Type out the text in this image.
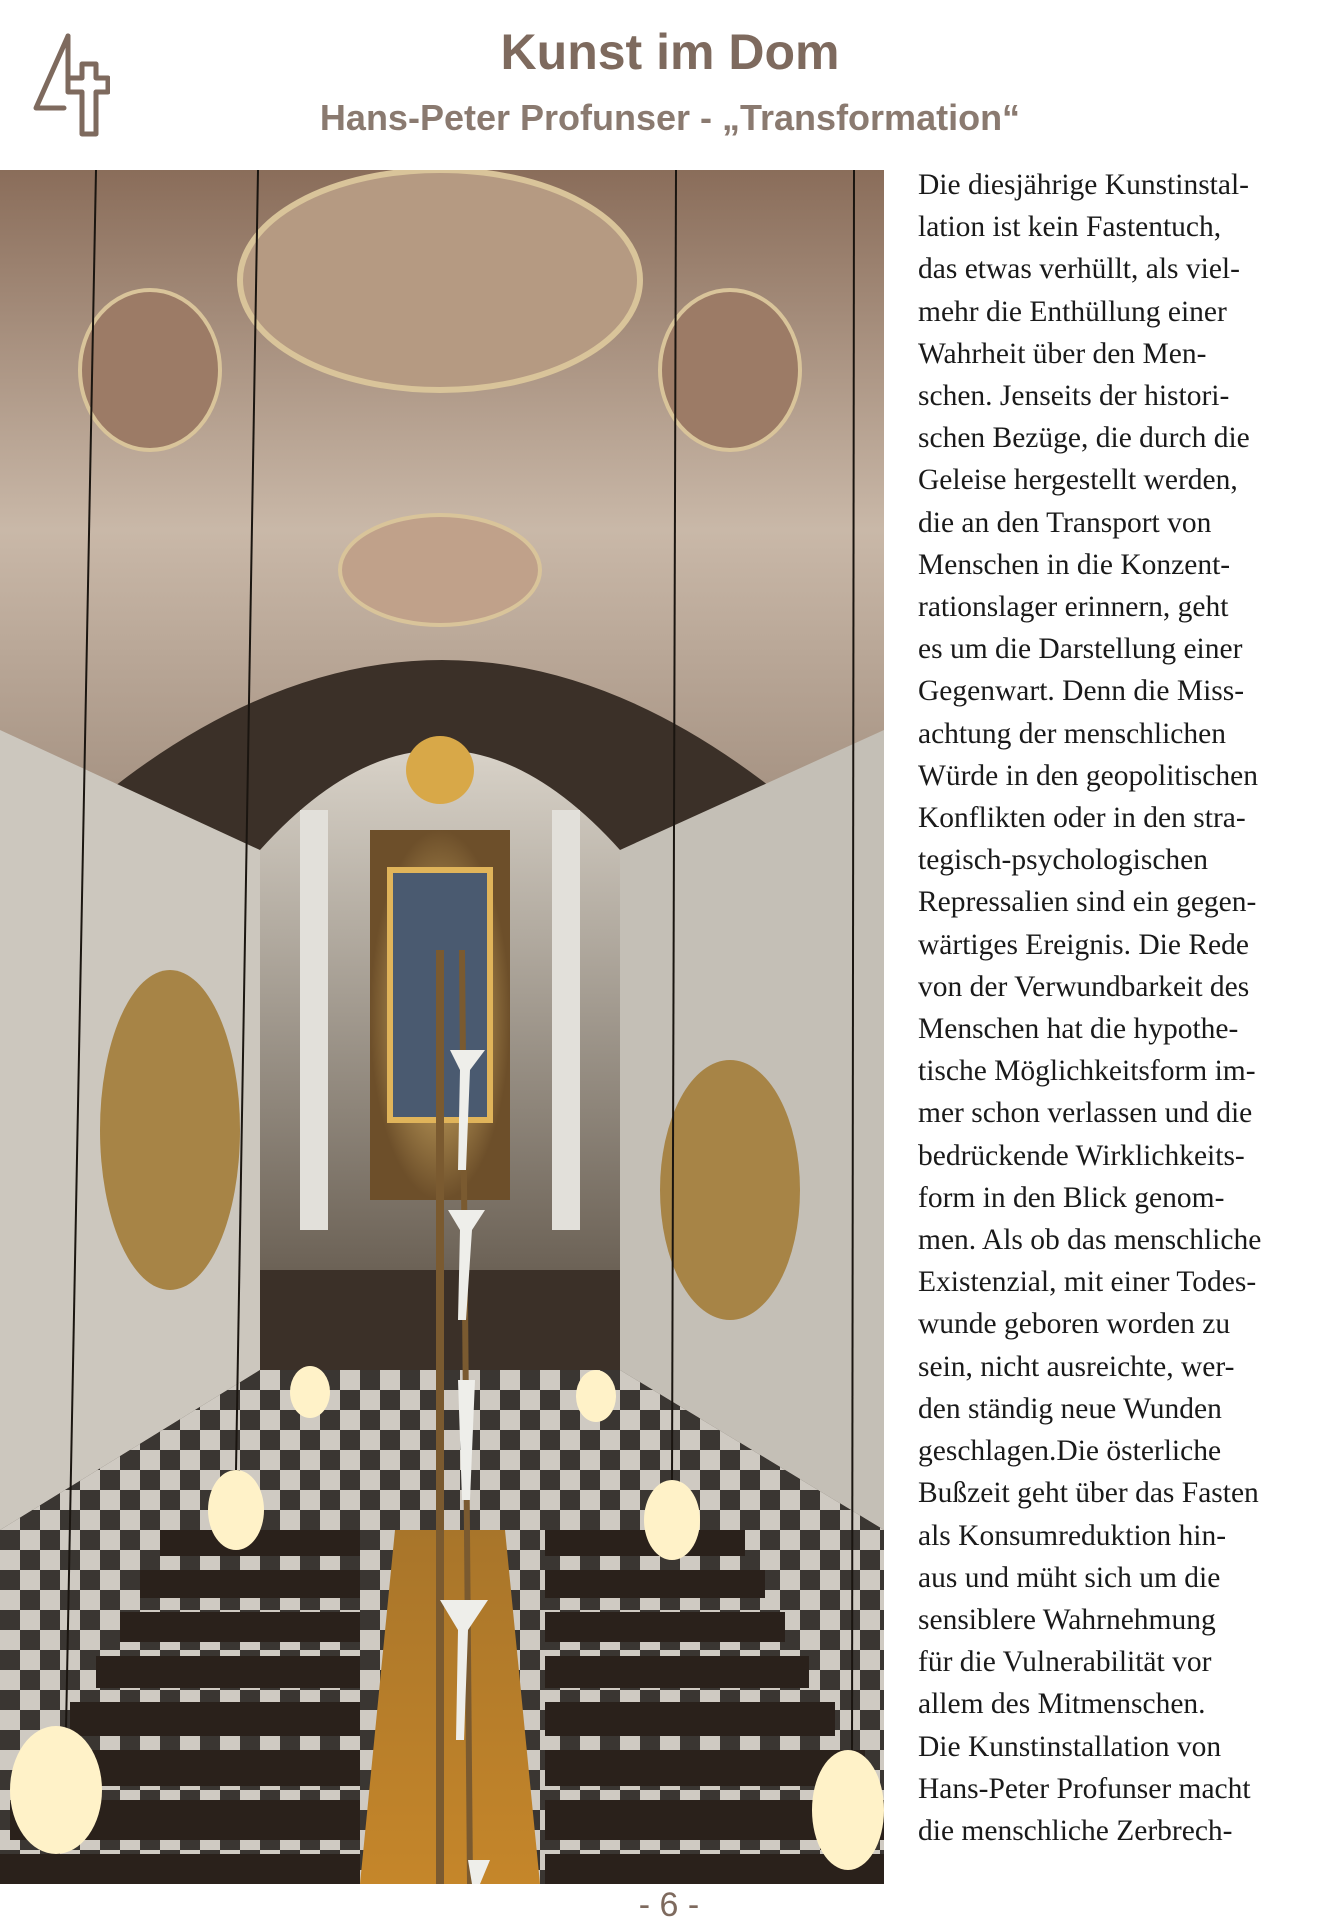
Kunst im Dom
Hans-Peter Profunser - „Transformation“
Die diesjährige Kunstinstal-
lation ist kein Fastentuch,
das etwas verhüllt, als viel-
mehr die Enthüllung einer
Wahrheit über den Men-
schen. Jenseits der histori-
schen Bezüge, die durch die
Geleise hergestellt werden,
die an den Transport von
Menschen in die Konzent-
rationslager erinnern, geht
es um die Darstellung einer
Gegenwart. Denn die Miss-
achtung der menschlichen
Würde in den geopolitischen
Konflikten oder in den stra-
tegisch-psychologischen
Repressalien sind ein gegen-
wärtiges Ereignis. Die Rede
von der Verwundbarkeit des
Menschen hat die hypothe-
tische Möglichkeitsform im-
mer schon verlassen und die
bedrückende Wirklichkeits-
form in den Blick genom-
men. Als ob das menschliche
Existenzial, mit einer Todes-
wunde geboren worden zu
sein, nicht ausreichte, wer-
den ständig neue Wunden
geschlagen.Die österliche
Bußzeit geht über das Fasten
als Konsumreduktion hin-
aus und müht sich um die
sensiblere Wahrnehmung
für die Vulnerabilität vor
allem des Mitmenschen.
Die Kunstinstallation von
Hans-Peter Profunser macht
die menschliche Zerbrech-
- 6 -
